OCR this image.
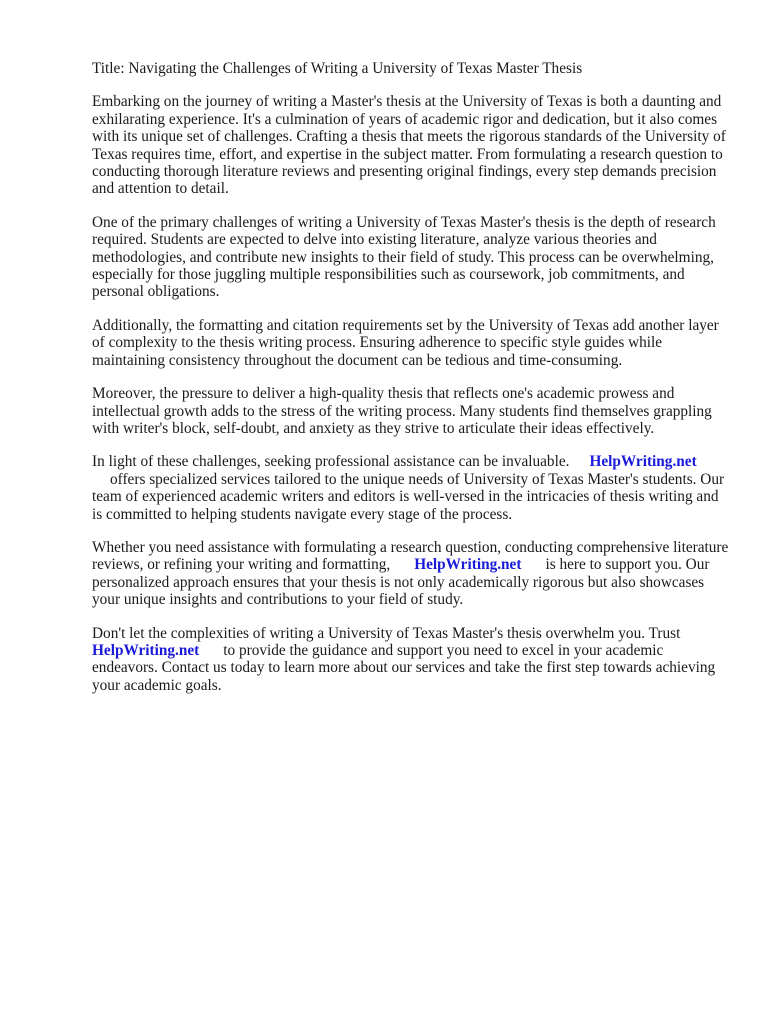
Title: Navigating the Challenges of Writing a University of Texas Master Thesis

Embarking on the journey of writing a Master's thesis at the University of Texas is both a daunting and exhilarating experience. It's a culmination of years of academic rigor and dedication, but it also comes with its unique set of challenges. Crafting a thesis that meets the rigorous standards of the University of Texas requires time, effort, and expertise in the subject matter. From formulating a research question to conducting thorough literature reviews and presenting original findings, every step demands precision and attention to detail.

One of the primary challenges of writing a University of Texas Master's thesis is the depth of research required. Students are expected to delve into existing literature, analyze various theories and methodologies, and contribute new insights to their field of study. This process can be overwhelming, especially for those juggling multiple responsibilities such as coursework, job commitments, and personal obligations.

Additionally, the formatting and citation requirements set by the University of Texas add another layer of complexity to the thesis writing process. Ensuring adherence to specific style guides while maintaining consistency throughout the document can be tedious and time-consuming.

Moreover, the pressure to deliver a high-quality thesis that reflects one's academic prowess and intellectual growth adds to the stress of the writing process. Many students find themselves grappling with writer's block, self-doubt, and anxiety as they strive to articulate their ideas effectively.

In light of these challenges, seeking professional assistance can be invaluable. HelpWriting.net
offers specialized services tailored to the unique needs of University of Texas Master's students. Our team of experienced academic writers and editors is well-versed in the intricacies of thesis writing and is committed to helping students navigate every stage of the process.

Whether you need assistance with formulating a research question, conducting comprehensive literature reviews, or refining your writing and formatting, HelpWriting.net is here to support you. Our personalized approach ensures that your thesis is not only academically rigorous but also showcases your unique insights and contributions to your field of study.

Don't let the complexities of writing a University of Texas Master's thesis overwhelm you. Trust HelpWriting.net to provide the guidance and support you need to excel in your academic endeavors. Contact us today to learn more about our services and take the first step towards achieving your academic goals.
